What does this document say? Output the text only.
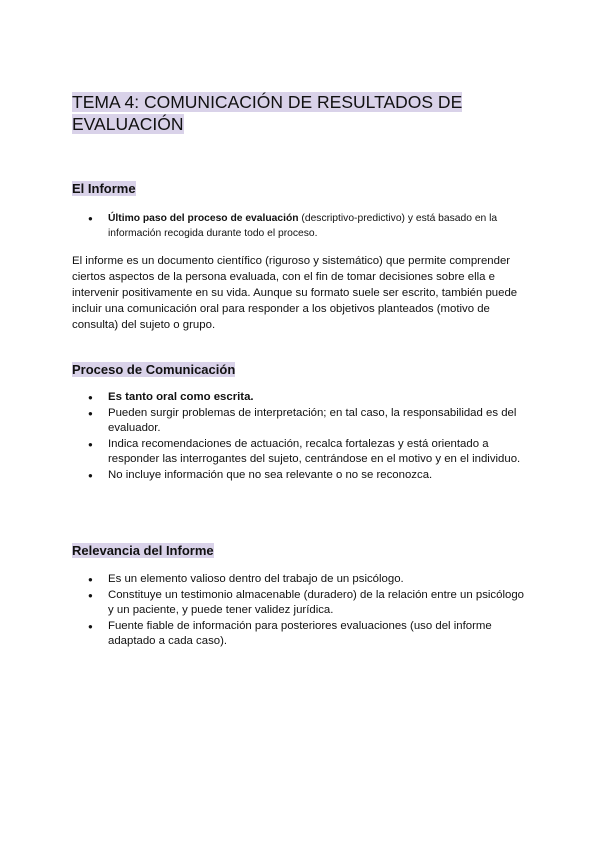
TEMA 4: COMUNICACIÓN DE RESULTADOS DE
EVALUACIÓN
El Informe
● Último paso del proceso de evaluación (descriptivo-predictivo) y está basado en la información recogida durante todo el proceso.

El informe es un documento científico (riguroso y sistemático) que permite comprender ciertos aspectos de la persona evaluada, con el fin de tomar decisiones sobre ella e intervenir positivamente en su vida. Aunque su formato suele ser escrito, también puede incluir una comunicación oral para responder a los objetivos planteados (motivo de consulta) del sujeto o grupo.

Proceso de Comunicación
● Es tanto oral como escrita.
● Pueden surgir problemas de interpretación; en tal caso, la responsabilidad es del evaluador.
● Indica recomendaciones de actuación, recalca fortalezas y está orientado a responder las interrogantes del sujeto, centrándose en el motivo y en el individuo.
● No incluye información que no sea relevante o no se reconozca.
Relevancia del Informe
● Es un elemento valioso dentro del trabajo de un psicólogo.
● Constituye un testimonio almacenable (duradero) de la relación entre un psicólogo y un paciente, y puede tener validez jurídica.
● Fuente fiable de información para posteriores evaluaciones (uso del informe adaptado a cada caso).
